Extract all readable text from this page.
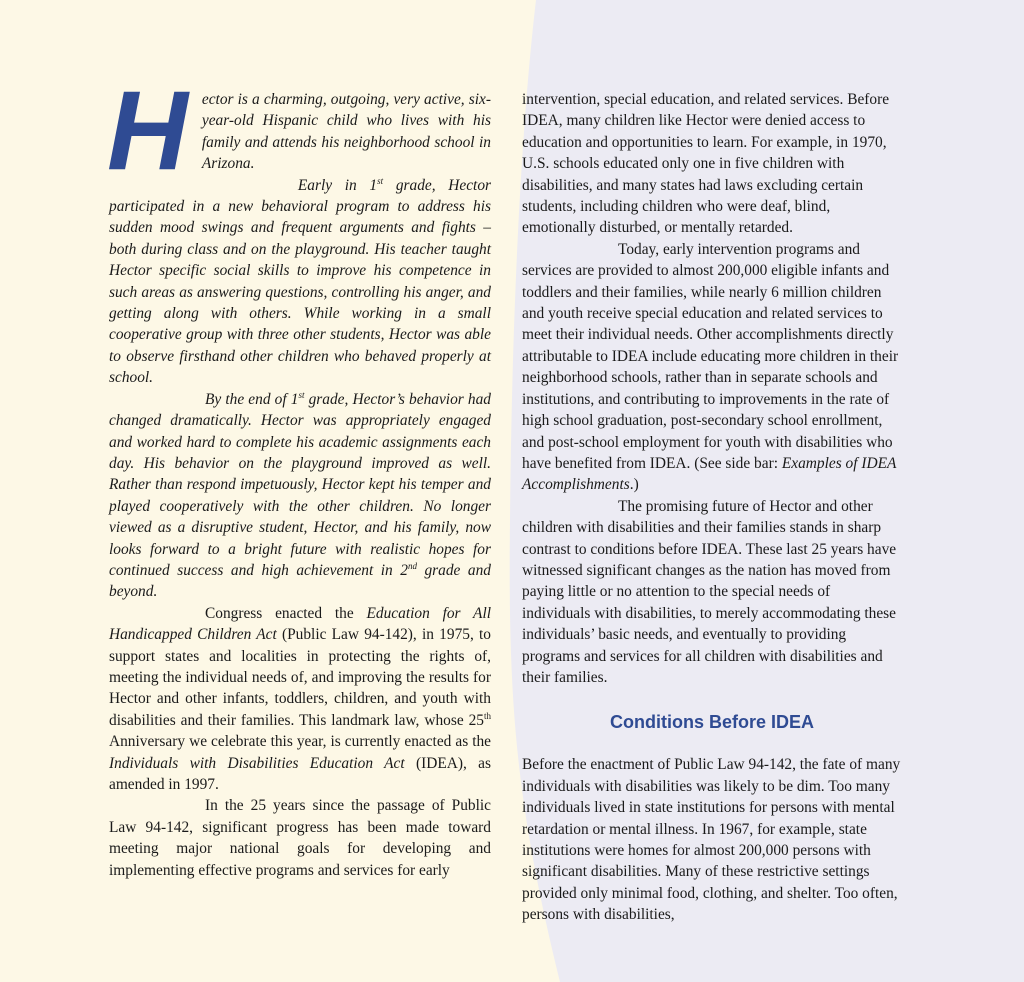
Hector is a charming, outgoing, very active, six-year-old Hispanic child who lives with his family and attends his neighborhood school in Arizona.

Early in 1st grade, Hector participated in a new behavioral program to address his sudden mood swings and frequent arguments and fights – both during class and on the playground. His teacher taught Hector specific social skills to improve his competence in such areas as answering questions, controlling his anger, and getting along with others. While working in a small cooperative group with three other students, Hector was able to observe firsthand other children who behaved properly at school.

By the end of 1st grade, Hector’s behavior had changed dramatically. Hector was appropriately engaged and worked hard to complete his academic assignments each day. His behavior on the playground improved as well. Rather than respond impetuously, Hector kept his temper and played cooperatively with the other children. No longer viewed as a disruptive student, Hector, and his family, now looks forward to a bright future with realistic hopes for continued success and high achievement in 2nd grade and beyond.

Congress enacted the Education for All Handicapped Children Act (Public Law 94-142), in 1975, to support states and localities in protecting the rights of, meeting the individual needs of, and improving the results for Hector and other infants, toddlers, children, and youth with disabilities and their families. This landmark law, whose 25th Anniversary we celebrate this year, is currently enacted as the Individuals with Disabilities Education Act (IDEA), as amended in 1997.

In the 25 years since the passage of Public Law 94-142, significant progress has been made toward meeting major national goals for developing and implementing effective programs and services for early

intervention, special education, and related services. Before IDEA, many children like Hector were denied access to education and opportunities to learn. For example, in 1970, U.S. schools educated only one in five children with disabilities, and many states had laws excluding certain students, including children who were deaf, blind, emotionally disturbed, or mentally retarded.

Today, early intervention programs and services are provided to almost 200,000 eligible infants and toddlers and their families, while nearly 6 million children and youth receive special education and related services to meet their individual needs. Other accomplishments directly attributable to IDEA include educating more children in their neighborhood schools, rather than in separate schools and institutions, and contributing to improvements in the rate of high school graduation, post-secondary school enrollment, and post-school employment for youth with disabilities who have benefited from IDEA. (See side bar: Examples of IDEA Accomplishments.)

The promising future of Hector and other children with disabilities and their families stands in sharp contrast to conditions before IDEA. These last 25 years have witnessed significant changes as the nation has moved from paying little or no attention to the special needs of individuals with disabilities, to merely accommodating these individuals’ basic needs, and eventually to providing programs and services for all children with disabilities and their families.

Conditions Before IDEA

Before the enactment of Public Law 94-142, the fate of many individuals with disabilities was likely to be dim. Too many individuals lived in state institutions for persons with mental retardation or mental illness. In 1967, for example, state institutions were homes for almost 200,000 persons with significant disabilities. Many of these restrictive settings provided only minimal food, clothing, and shelter. Too often, persons with disabilities,
